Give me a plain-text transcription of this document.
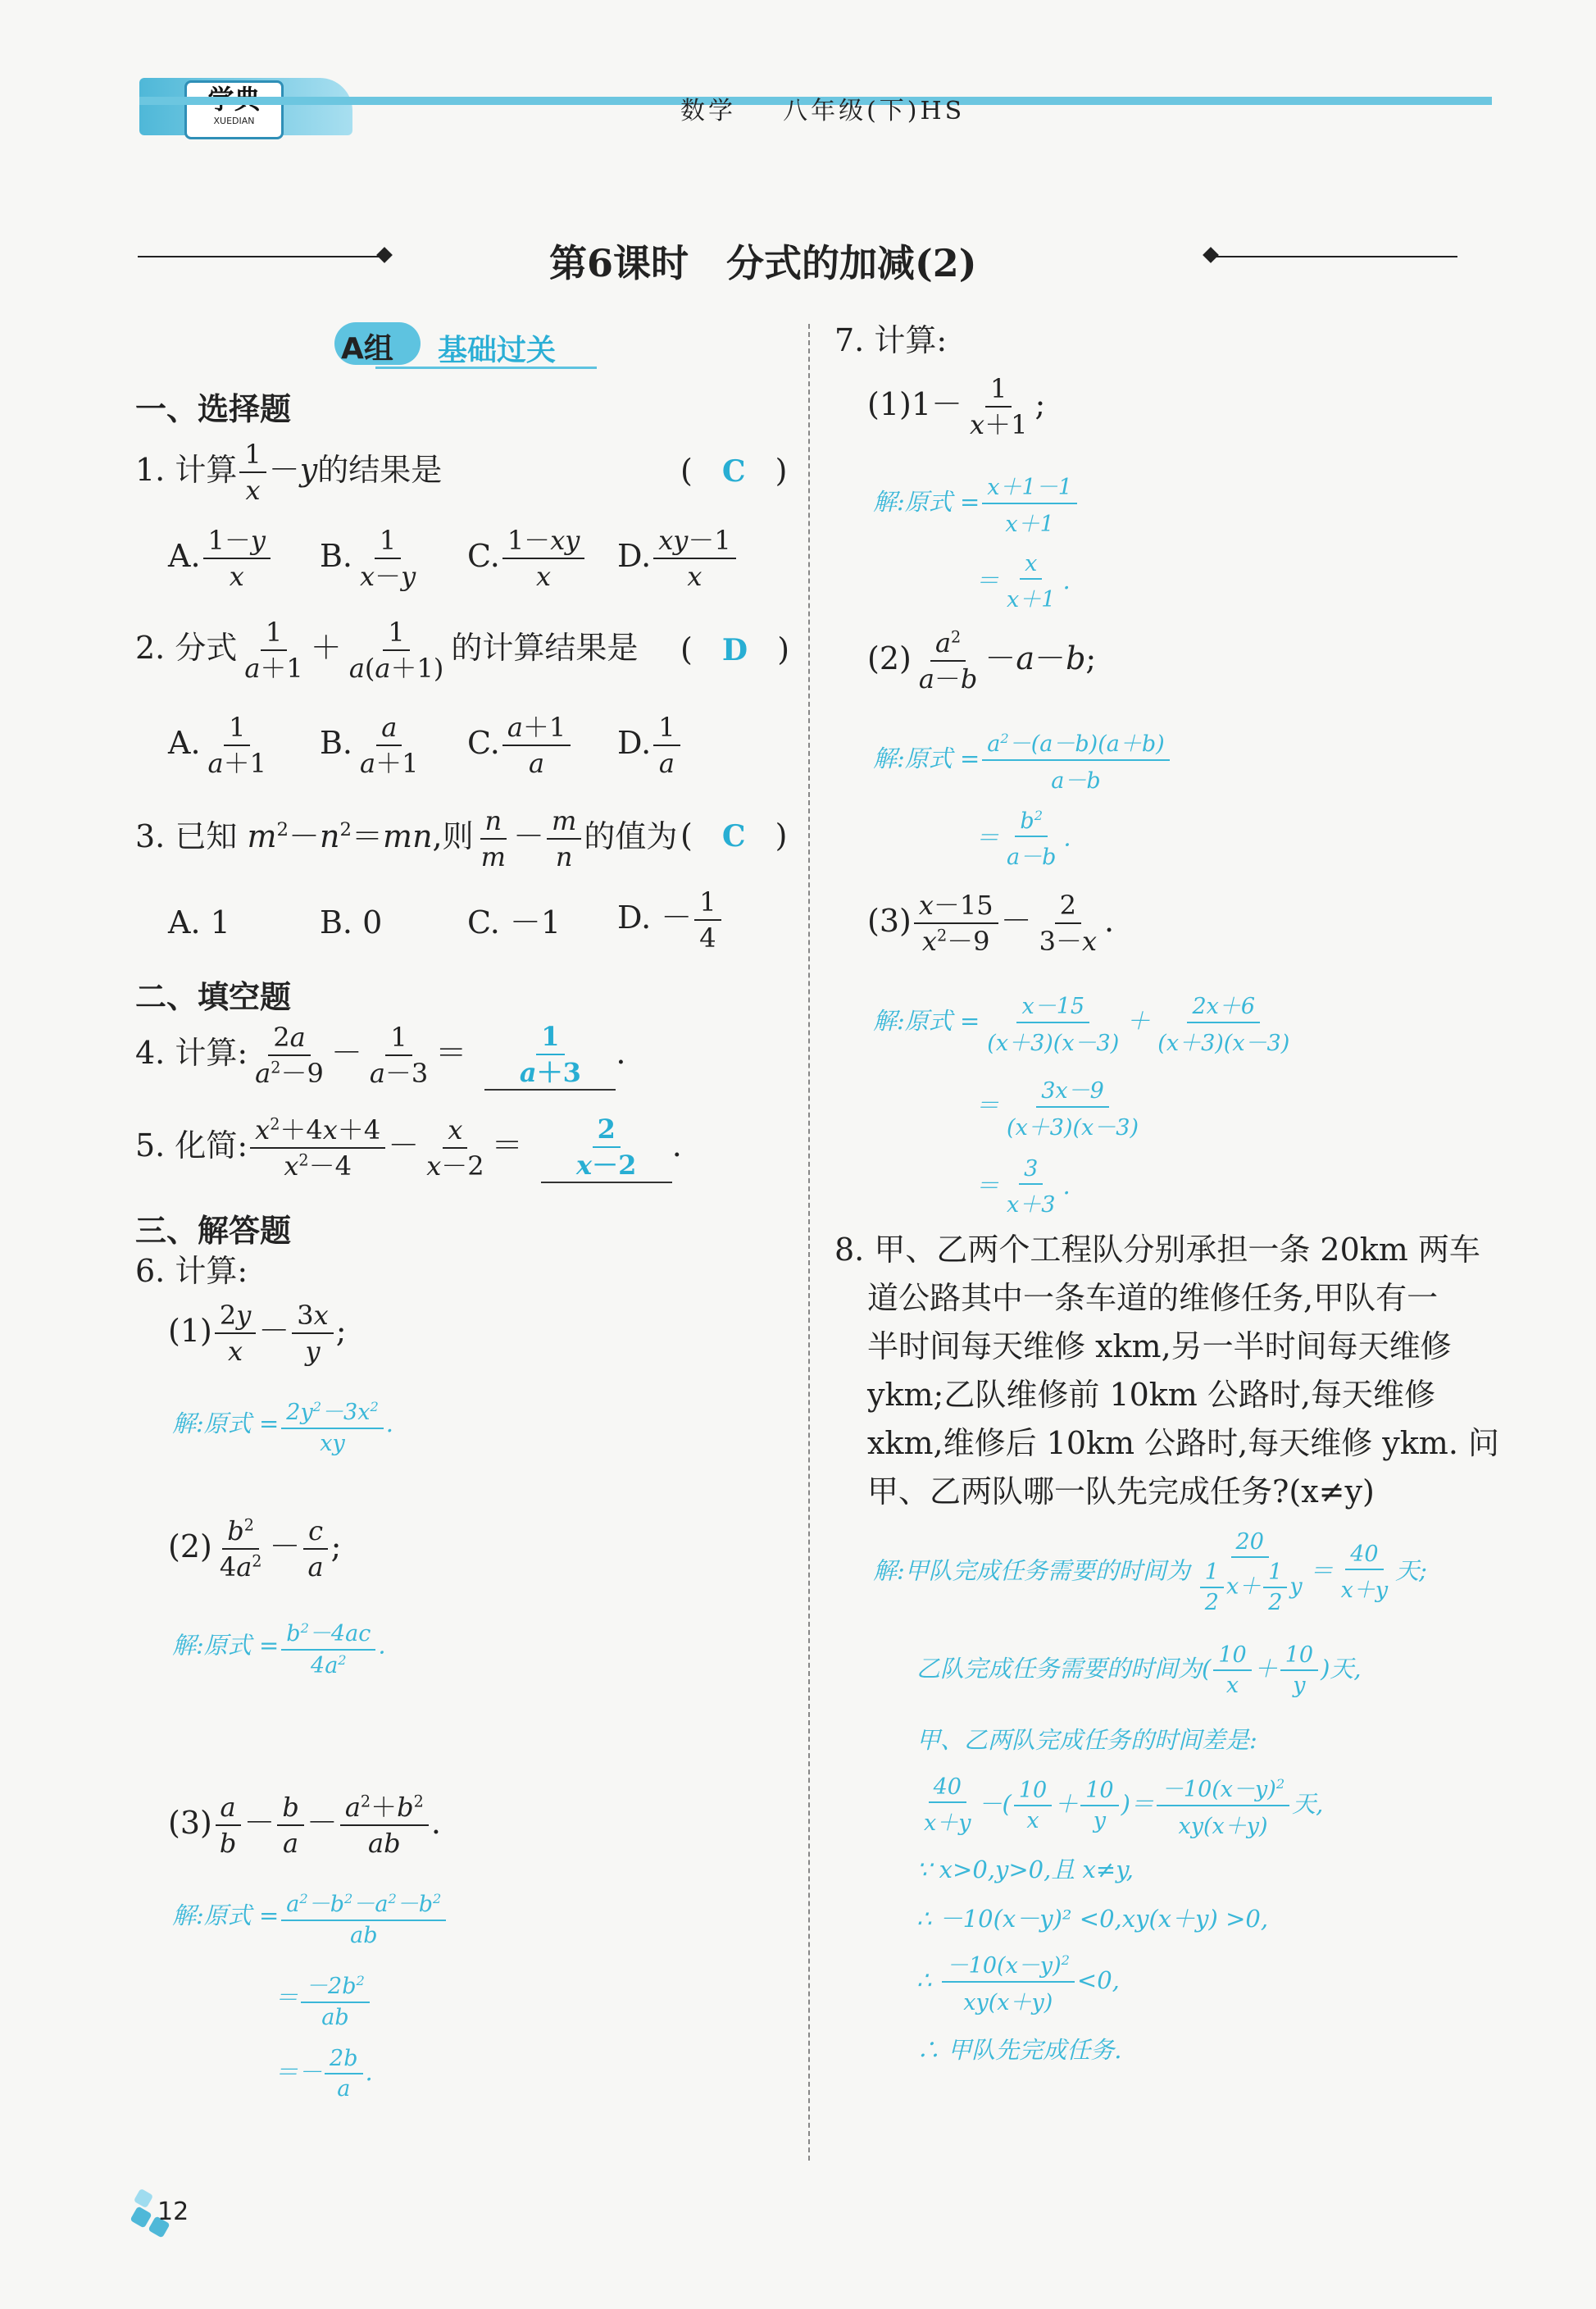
XUEDIAN	数学 八年级(下)HS
第6课时　分式的加减(2)
A组 基础过关
一、选择题
1. 计算 $\frac{1}{x} -y$的结果是	( C )
A. $\frac{1-y}{x} B$. $\frac{1}{x-y} C$. $\frac{1-xy}{x} D$. $\frac{xy-1}{x}$
2. 分式 $\frac{1}{a+1} + \frac{1}{a(a+1)}$ 的计算结果是 ( D )
A. $\frac{1}{a+1} B$. $\frac{a}{a+1} C$. $\frac{a+1}{a} D$. $\frac{1}{a}$
3. 已知 $m^2-n^2=mn$,则 $\frac{n}{m} - \frac{m}{n}$ 的值为 ( C )
A. 1	B. 0	C. －1 D. － $\frac{1}{4}$
二、填空题
4. 计算: $\frac{2a}{a^2-9} - \frac{1}{a-3} = \frac{1}{a+3}$ .
5. 化简: $\frac{x^2+4x+4}{x^2-4} - \frac{x}{x-2} = \frac{2}{x-2}$ .
三、解答题
6. 计算:
$(1) \frac{2y}{x} - \frac{3x}{y}$ ;
解:原式 = $\frac{2y^2-3x^2}{xy}$ .
$(2) \frac{b^2}{4a^2} - \frac{c}{a}$ ;
解:原式 = $\frac{b^2-4ac}{4a^2}$ .
$(3) \frac{a}{b} - \frac{b}{a} - \frac{a^2+b^2}{ab}$ .
解:原式 = $\frac{a^2-b^2-a^2-b^2}{ab}$
＝ $\frac{-2b^2}{ab}$
＝－ $\frac{2b}{a}$ .
7. 计算:
$(1)1- \frac{1}{x+1}$ ;
解:原式 = $\frac{x+1-1}{x+1}$
＝ $\frac{x}{x+1}$ .
$(2) \frac{a^2}{a-b} -a-b$;
解:原式 = $\frac{a^2-(a-b)(a+b)}{a-b}$
＝ $\frac{b^2}{a-b}$ .
$(3) \frac{x-15}{x^2-9} - \frac{2}{3-x}$ .
解:原式 = $\frac{x-15}{(x+3)(x-3)} + \frac{2x+6}{(x+3)(x-3)}$
＝ $\frac{3x-9}{(x+3)(x-3)}$
＝ $\frac{3}{x+3}$ .
8. 甲、乙两个工程队分别承担一条 20km 两车
道公路其中一条车道的维修任务,甲队有一
半时间每天维修 xkm,另一半时间每天维修
ykm;乙队维修前 10km 公路时,每天维修
xkm,维修后 10km 公路时,每天维修 ykm. 问
甲、乙两队哪一队先完成任务?(x≠y)
解:甲队完成任务需要的时间为 $\frac{20}{\frac{1}{2} x+ \frac{1}{2} y} = \frac{40}{x+y}$ 天;
乙队完成任务需要的时间为( $\frac{10}{x} + \frac{10}{y}$ )天,
甲、乙两队完成任务的时间差是:
$\frac{40}{x+y}$ －( $\frac{10}{x} + \frac{10}{y}$ )＝ $\frac{-10(x-y)^2}{xy(x+y)}$ 天,
∵ x>0,y>0,且 x≠y,
∴ －10(x－y)² <0,xy(x＋y) >0,
∴ $\frac{-10(x-y)^2}{xy(x+y)} <0$,
∴ 甲队先完成任务.
12
